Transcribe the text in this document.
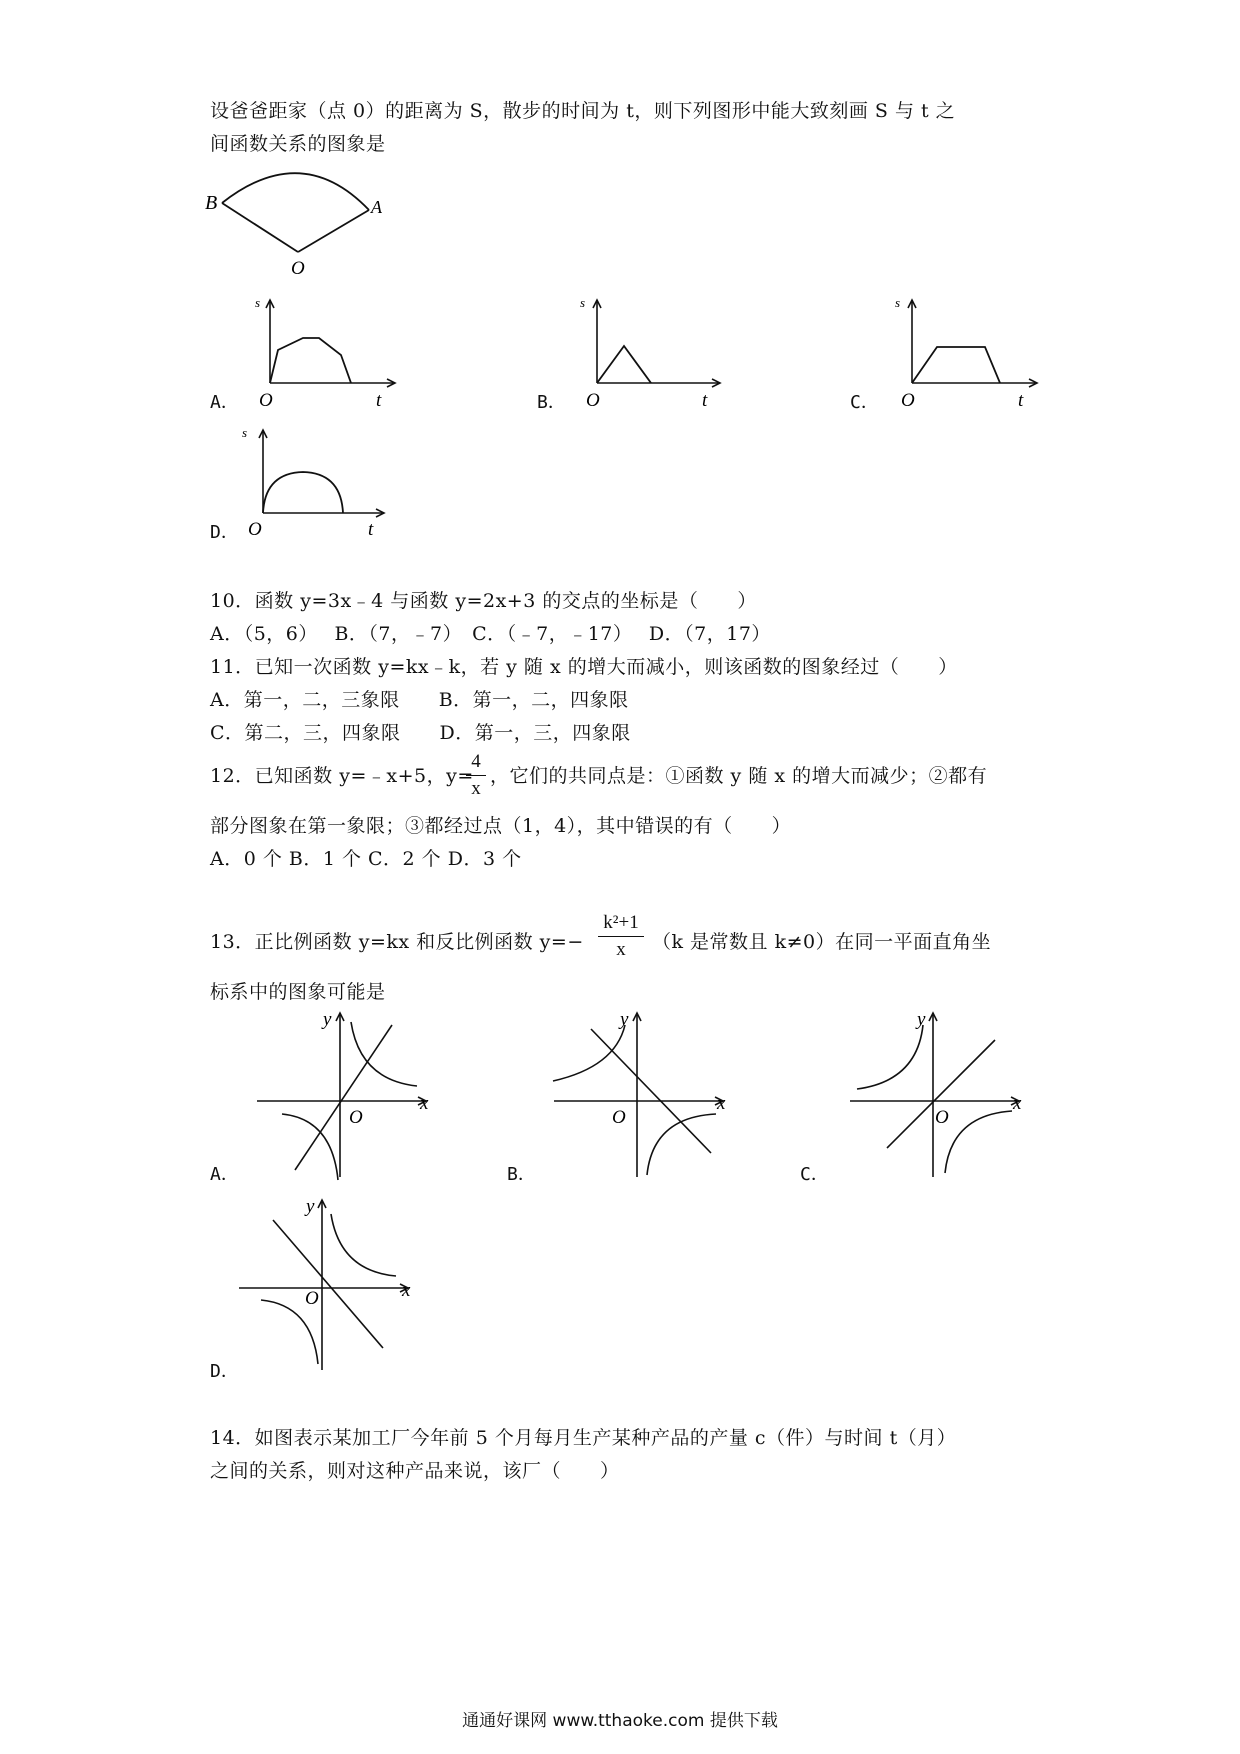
设爸爸距家（点 0）的距离为 S，散步的时间为 t，则下列图形中能大致刻画 S 与 t 之
间函数关系的图象是
B	A
O
s
O	t
A．
s
O	t
B．
s
O	t
C．
s
O	t
D．
10．函数 y=3x﹣4 与函数 y=2x+3 的交点的坐标是（　　）
A．（5，6）　 B．（7，﹣7）　C．（﹣7，﹣17）　 D．（7，17）
11．已知一次函数 y=kx﹣k，若 y 随 x 的增大而减小，则该函数的图象经过（　　）
A．第一，二，三象限　　B．第一，二，四象限
C．第二，三，四象限　　D．第一，三，四象限
12．已知函数 y=﹣x+5，y=
4
x
，它们的共同点是：①函数 y 随 x 的增大而减少；②都有
部分图象在第一象限；③都经过点（1，4），其中错误的有（　　）
A．0 个 B．1 个 C．2 个 D．3 个
13．正比例函数 y=kx 和反比例函数 y=−
k²+1
x	（k 是常数且 k≠0）在同一平面直角坐
标系中的图象可能是
y
x
O
A．
y
x
O
B．
y
x
O
C．
y
x
O
D．
14．如图表示某加工厂今年前 5 个月每月生产某种产品的产量 c（件）与时间 t（月）
之间的关系，则对这种产品来说，该厂（　　）
通通好课网 www.tthaoke.com 提供下载
